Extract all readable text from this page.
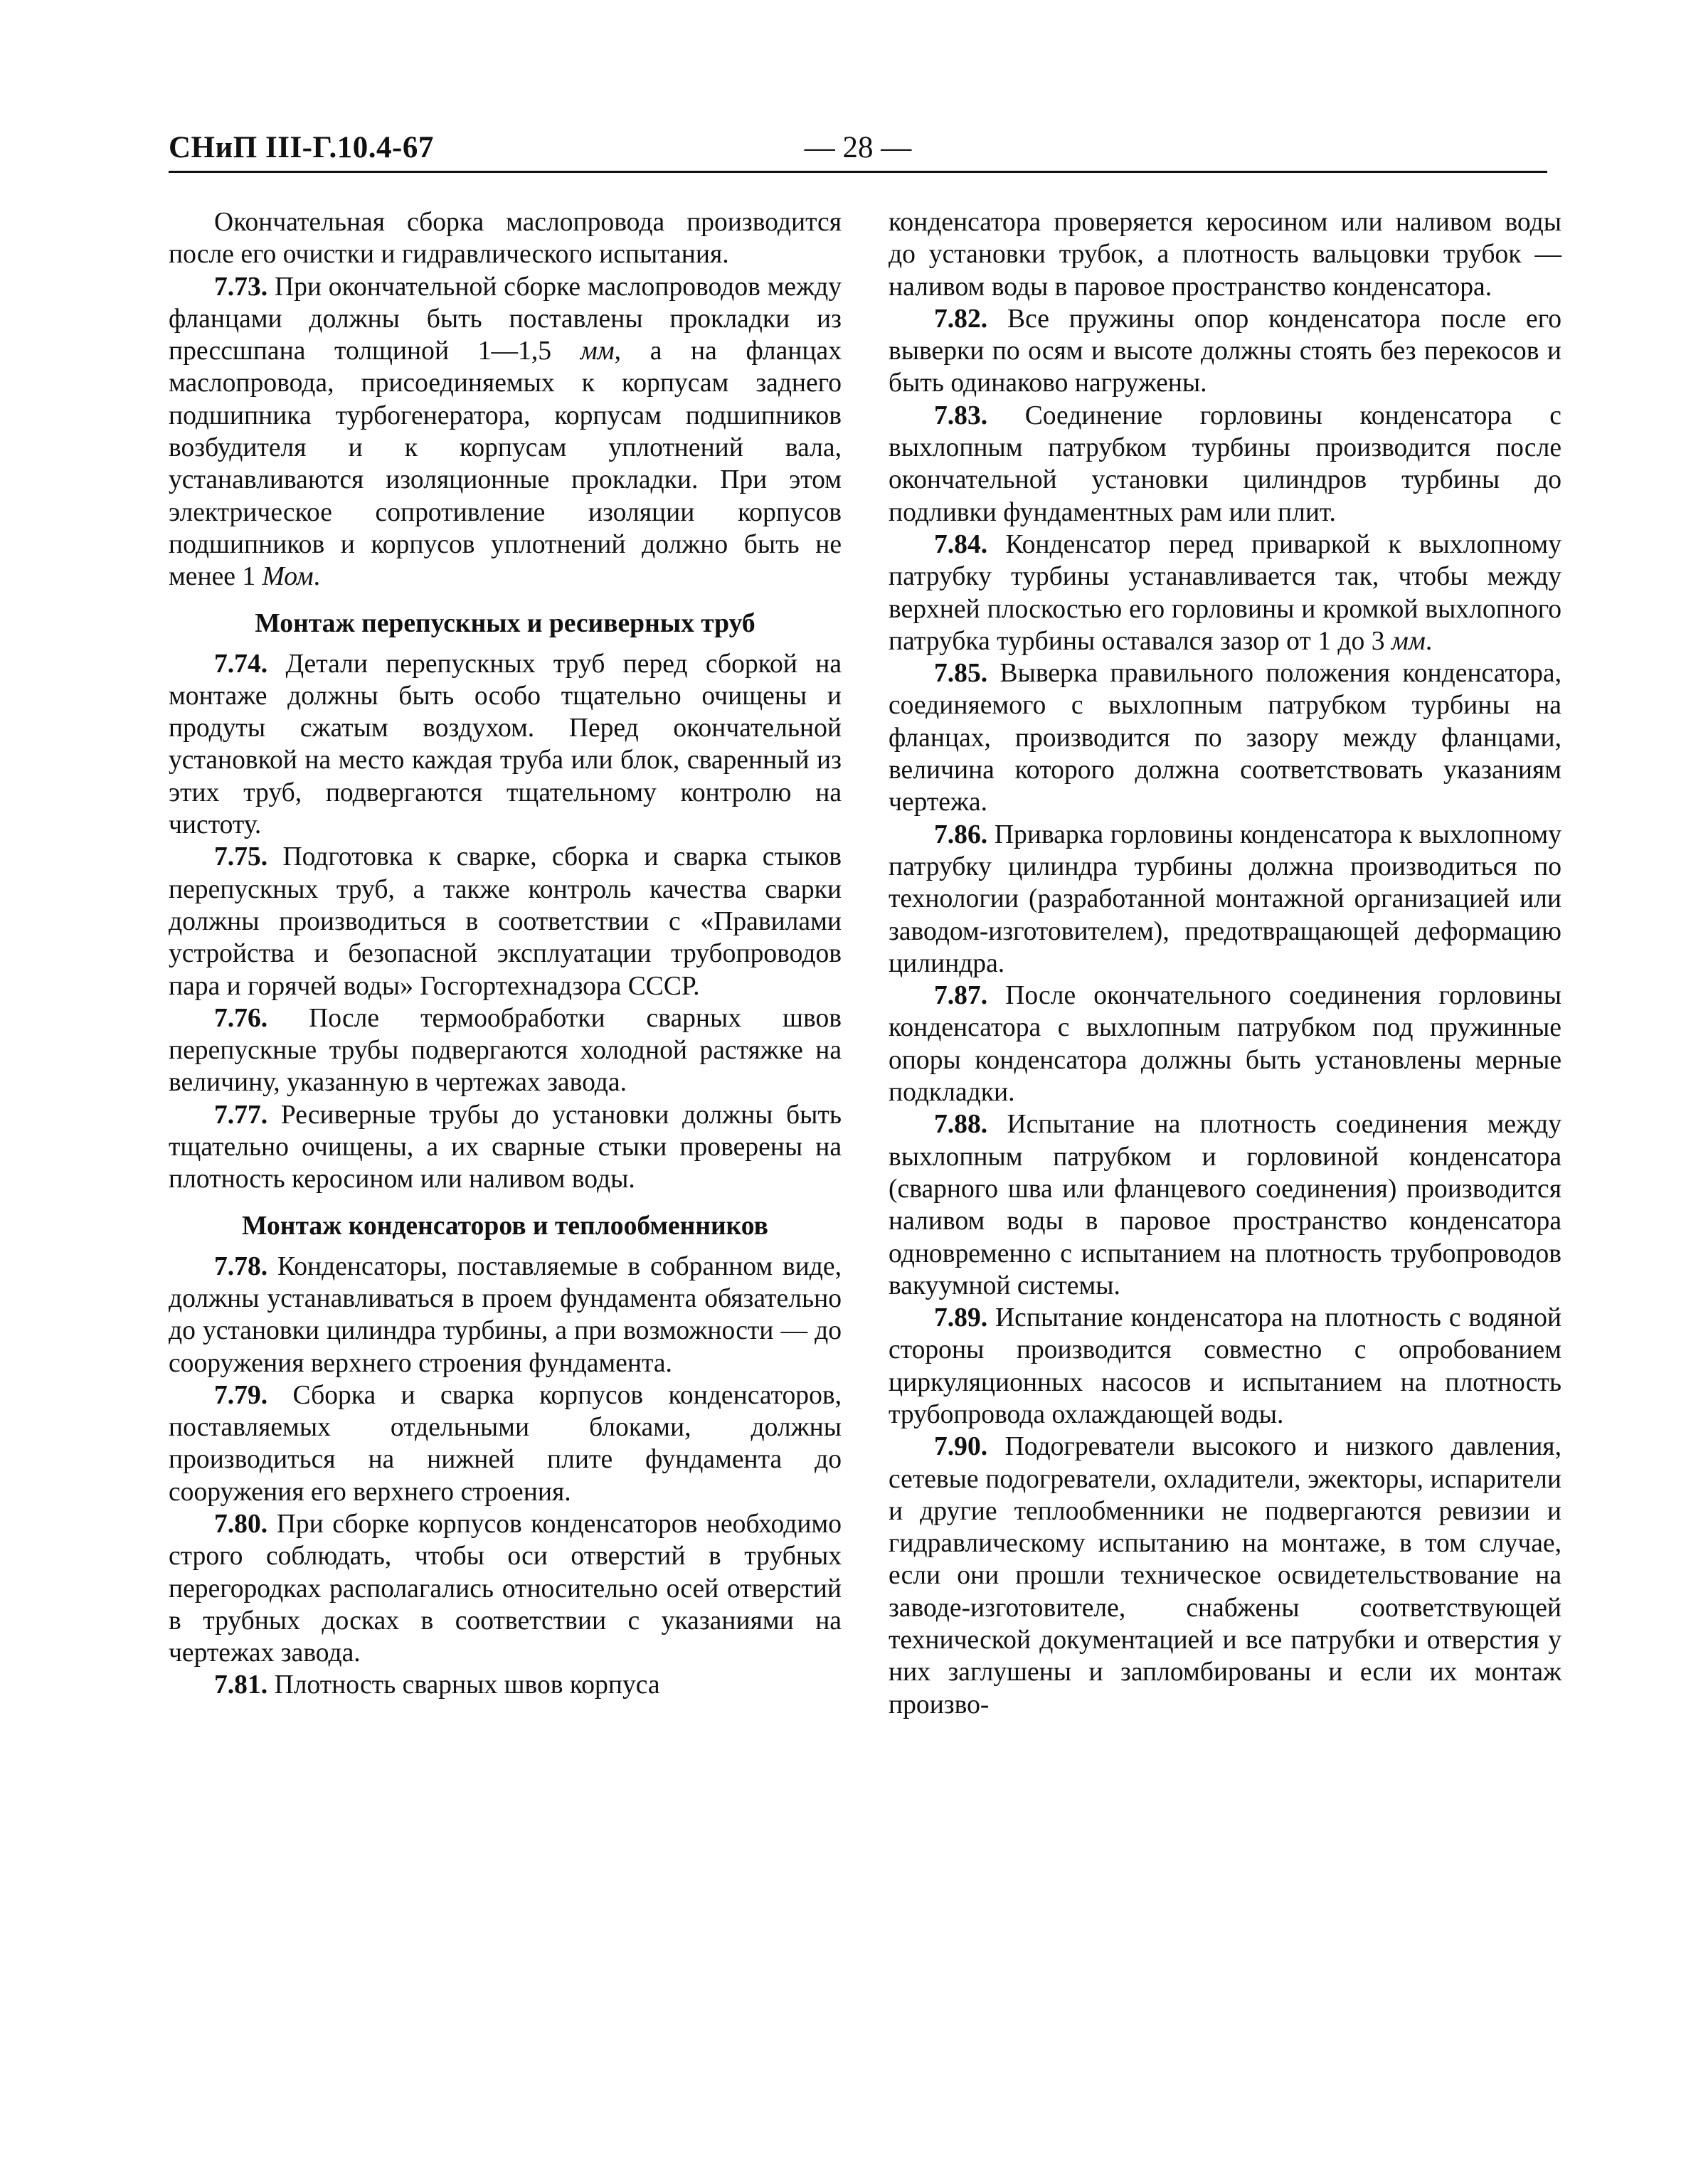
СНиП III-Г.10.4-67	— 28 —

Окончательная сборка маслопровода производится после его очистки и гидравлического испытания.

7.73. При окончательной сборке маслопроводов между фланцами должны быть поставлены прокладки из прессшпана толщиной 1—1,5 мм, а на фланцах маслопровода, присоединяемых к корпусам заднего подшипника турбогенератора, корпусам подшипников возбудителя и к корпусам уплотнений вала, устанавливаются изоляционные прокладки. При этом электрическое сопротивление изоляции корпусов подшипников и корпусов уплотнений должно быть не менее 1 Мом.

Монтаж перепускных и ресиверных труб

7.74. Детали перепускных труб перед сборкой на монтаже должны быть особо тщательно очищены и продуты сжатым воздухом. Перед окончательной установкой на место каждая труба или блок, сваренный из этих труб, подвергаются тщательному контролю на чистоту.

7.75. Подготовка к сварке, сборка и сварка стыков перепускных труб, а также контроль качества сварки должны производиться в соответствии с «Правилами устройства и безопасной эксплуатации трубопроводов пара и горячей воды» Госгортехнадзора СССР.

7.76. После термообработки сварных швов перепускные трубы подвергаются холодной растяжке на величину, указанную в чертежах завода.

7.77. Ресиверные трубы до установки должны быть тщательно очищены, а их сварные стыки проверены на плотность керосином или наливом воды.

Монтаж конденсаторов и теплообменников

7.78. Конденсаторы, поставляемые в собранном виде, должны устанавливаться в проем фундамента обязательно до установки цилиндра турбины, а при возможности — до сооружения верхнего строения фундамента.

7.79. Сборка и сварка корпусов конденсаторов, поставляемых отдельными блоками, должны производиться на нижней плите фундамента до сооружения его верхнего строения.

7.80. При сборке корпусов конденсаторов необходимо строго соблюдать, чтобы оси отверстий в трубных перегородках располагались относительно осей отверстий в трубных досках в соответствии с указаниями на чертежах завода.

7.81. Плотность сварных швов корпуса

конденсатора проверяется керосином или наливом воды до установки трубок, а плотность вальцовки трубок — наливом воды в паровое пространство конденсатора.

7.82. Все пружины опор конденсатора после его выверки по осям и высоте должны стоять без перекосов и быть одинаково нагружены.

7.83. Соединение горловины конденсатора с выхлопным патрубком турбины производится после окончательной установки цилиндров турбины до подливки фундаментных рам или плит.

7.84. Конденсатор перед приваркой к выхлопному патрубку турбины устанавливается так, чтобы между верхней плоскостью его горловины и кромкой выхлопного патрубка турбины оставался зазор от 1 до 3 мм.

7.85. Выверка правильного положения конденсатора, соединяемого с выхлопным патрубком турбины на фланцах, производится по зазору между фланцами, величина которого должна соответствовать указаниям чертежа.

7.86. Приварка горловины конденсатора к выхлопному патрубку цилиндра турбины должна производиться по технологии (разработанной монтажной организацией или заводом-изготовителем), предотвращающей деформацию цилиндра.

7.87. После окончательного соединения горловины конденсатора с выхлопным патрубком под пружинные опоры конденсатора должны быть установлены мерные подкладки.

7.88. Испытание на плотность соединения между выхлопным патрубком и горловиной конденсатора (сварного шва или фланцевого соединения) производится наливом воды в паровое пространство конденсатора одновременно с испытанием на плотность трубопроводов вакуумной системы.

7.89. Испытание конденсатора на плотность с водяной стороны производится совместно с опробованием циркуляционных насосов и испытанием на плотность трубопровода охлаждающей воды.

7.90. Подогреватели высокого и низкого давления, сетевые подогреватели, охладители, эжекторы, испарители и другие теплообменники не подвергаются ревизии и гидравлическому испытанию на монтаже, в том случае, если они прошли техническое освидетельствование на заводе-изготовителе, снабжены соответствующей технической документацией и все патрубки и отверстия у них заглушены и запломбированы и если их монтаж произво-
